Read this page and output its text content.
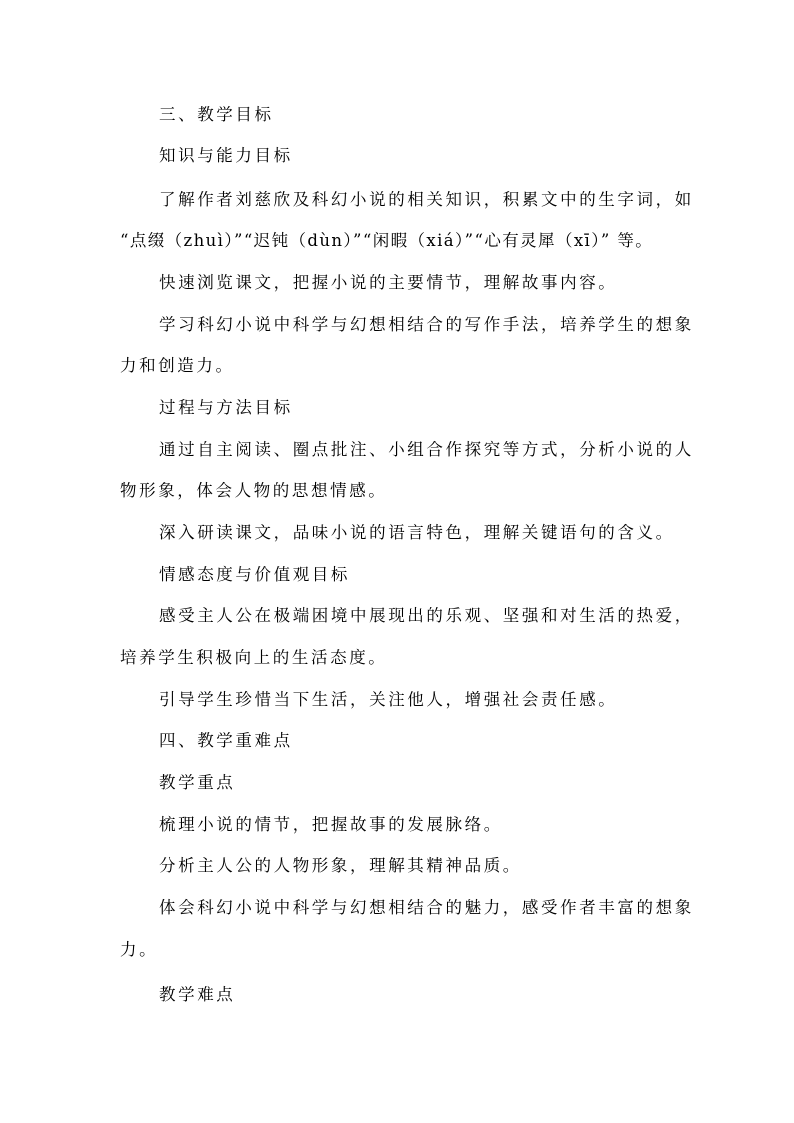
三、教学目标
知识与能力目标
了解作者刘慈欣及科幻小说的相关知识，积累文中的生字词，如
“点缀（zhuì）”“迟钝（dùn）”“闲暇（xiá）”“心有灵犀（xī）” 等。
快速浏览课文，把握小说的主要情节，理解故事内容。
学习科幻小说中科学与幻想相结合的写作手法，培养学生的想象
力和创造力。
过程与方法目标
通过自主阅读、圈点批注、小组合作探究等方式，分析小说的人
物形象，体会人物的思想情感。
深入研读课文，品味小说的语言特色，理解关键语句的含义。
情感态度与价值观目标
感受主人公在极端困境中展现出的乐观、坚强和对生活的热爱，
培养学生积极向上的生活态度。
引导学生珍惜当下生活，关注他人，增强社会责任感。
四、教学重难点
教学重点
梳理小说的情节，把握故事的发展脉络。
分析主人公的人物形象，理解其精神品质。
体会科幻小说中科学与幻想相结合的魅力，感受作者丰富的想象
力。
教学难点
